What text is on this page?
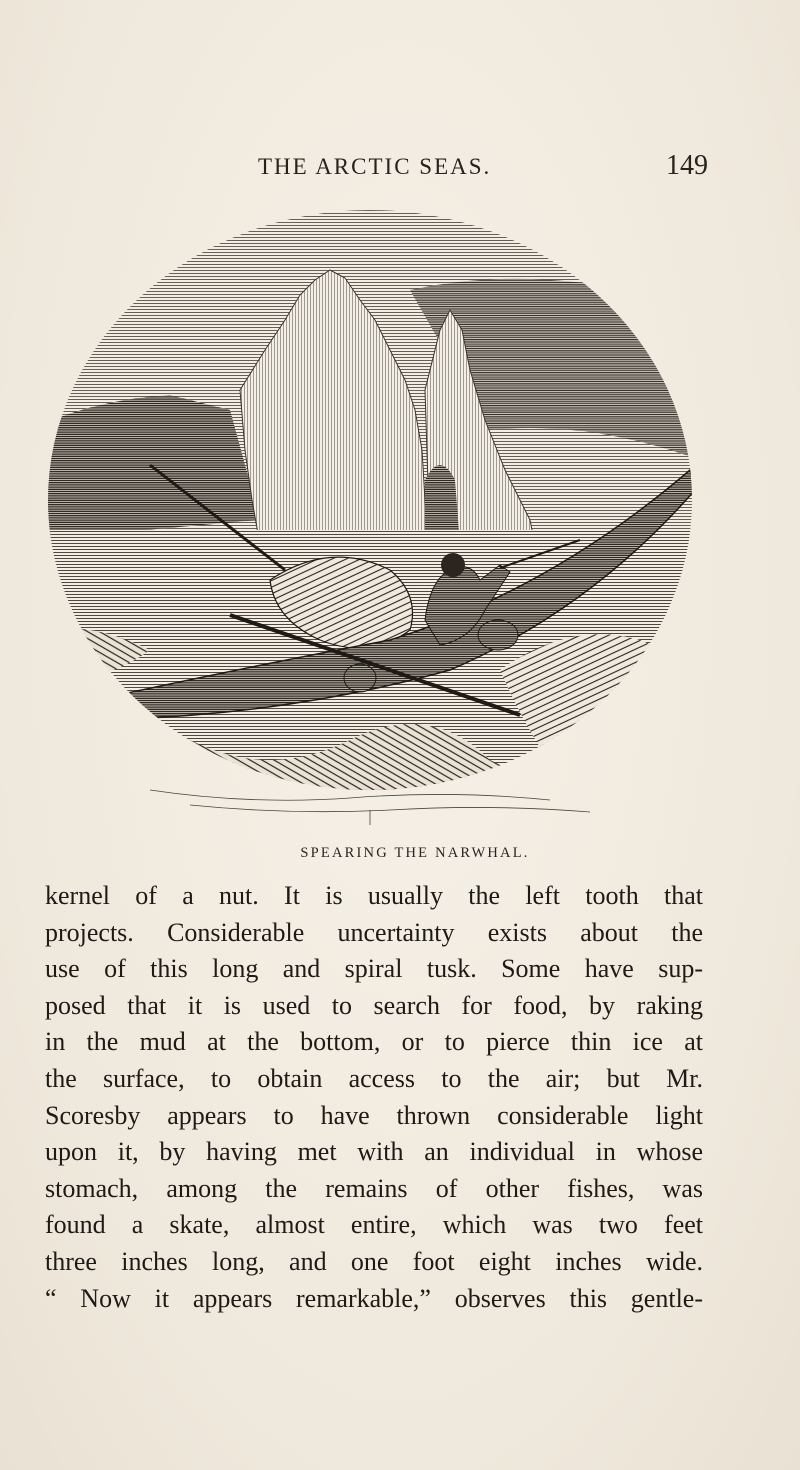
THE ARCTIC SEAS.	149
SPEARING THE NARWHAL.
kernel of a nut. It is usually the left tooth that
projects. Considerable uncertainty exists about the
use of this long and spiral tusk. Some have sup-
posed that it is used to search for food, by raking
in the mud at the bottom, or to pierce thin ice at
the surface, to obtain access to the air; but Mr.
Scoresby appears to have thrown considerable light
upon it, by having met with an individual in whose
stomach, among the remains of other fishes, was
found a skate, almost entire, which was two feet
three inches long, and one foot eight inches wide.
“ Now it appears remarkable,” observes this gentle-
